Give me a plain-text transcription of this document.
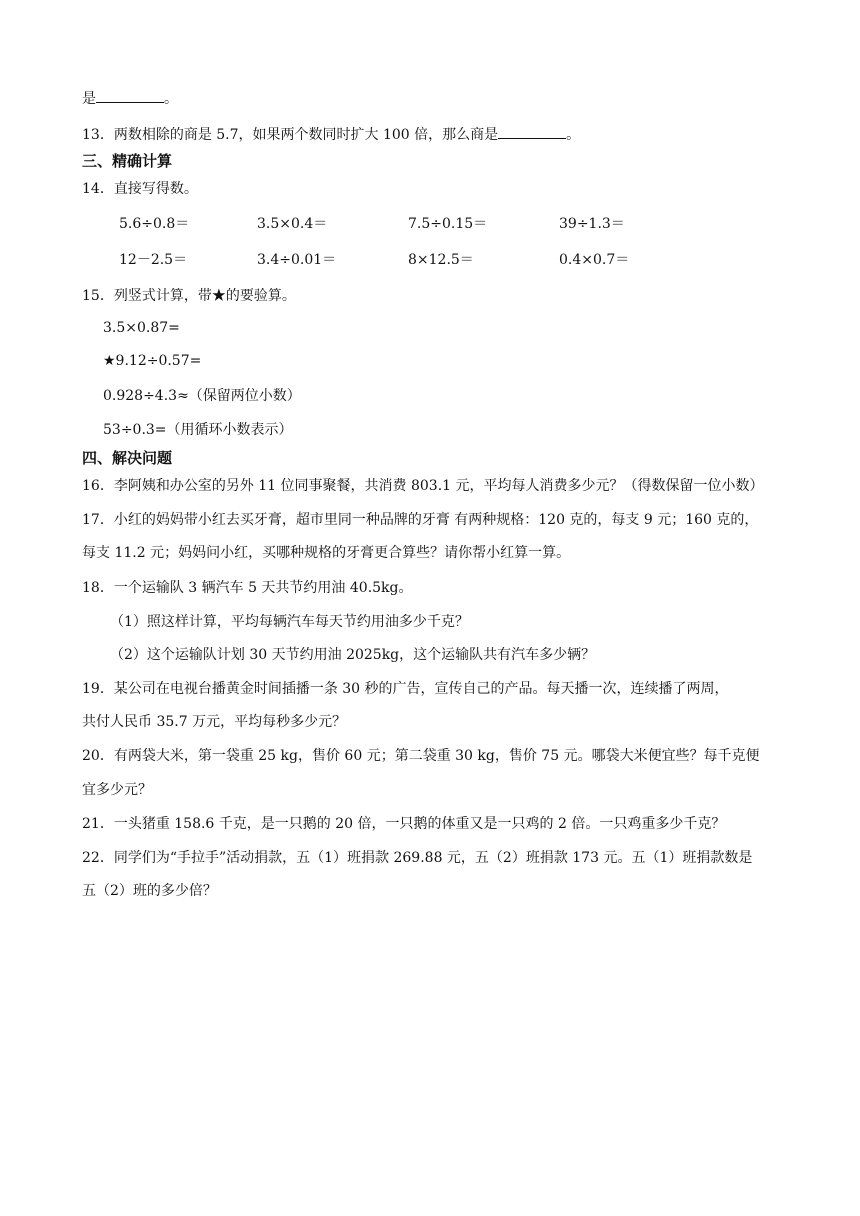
是	。
13．两数相除的商是 5.7，如果两个数同时扩大 100 倍，那么商是	。
三、精确计算
14．直接写得数。
5.6÷0.8＝	3.5×0.4＝	7.5÷0.15＝	39÷1.3＝
12－2.5＝	3.4÷0.01＝	8×12.5＝	0.4×0.7＝
15．列竖式计算，带★的要验算。
3.5×0.87=
★9.12÷0.57=
0.928÷4.3≈（保留两位小数）
53÷0.3=（用循环小数表示）
四、解决问题
16．李阿姨和办公室的另外 11 位同事聚餐，共消费 803.1 元，平均每人消费多少元？（得数保留一位小数）
17．小红的妈妈带小红去买牙膏，超市里同一种品牌的牙膏 有两种规格：120 克的，每支 9 元；160 克的，
每支 11.2 元；妈妈问小红，买哪种规格的牙膏更合算些？请你帮小红算一算。
18．一个运输队 3 辆汽车 5 天共节约用油 40.5kg。
（1）照这样计算，平均每辆汽车每天节约用油多少千克？
（2）这个运输队计划 30 天节约用油 2025kg，这个运输队共有汽车多少辆？
19．某公司在电视台播黄金时间插播一条 30 秒的广告，宣传自己的产品。每天播一次，连续播了两周，
共付人民币 35.7 万元，平均每秒多少元？
20．有两袋大米，第一袋重 25 kg，售价 60 元；第二袋重 30 kg，售价 75 元。哪袋大米便宜些？每千克便
宜多少元？
21．一头猪重 158.6 千克，是一只鹅的 20 倍，一只鹅的体重又是一只鸡的 2 倍。一只鸡重多少千克？
22．同学们为“手拉手”活动捐款，五（1）班捐款 269.88 元，五（2）班捐款 173 元。五（1）班捐款数是
五（2）班的多少倍？
